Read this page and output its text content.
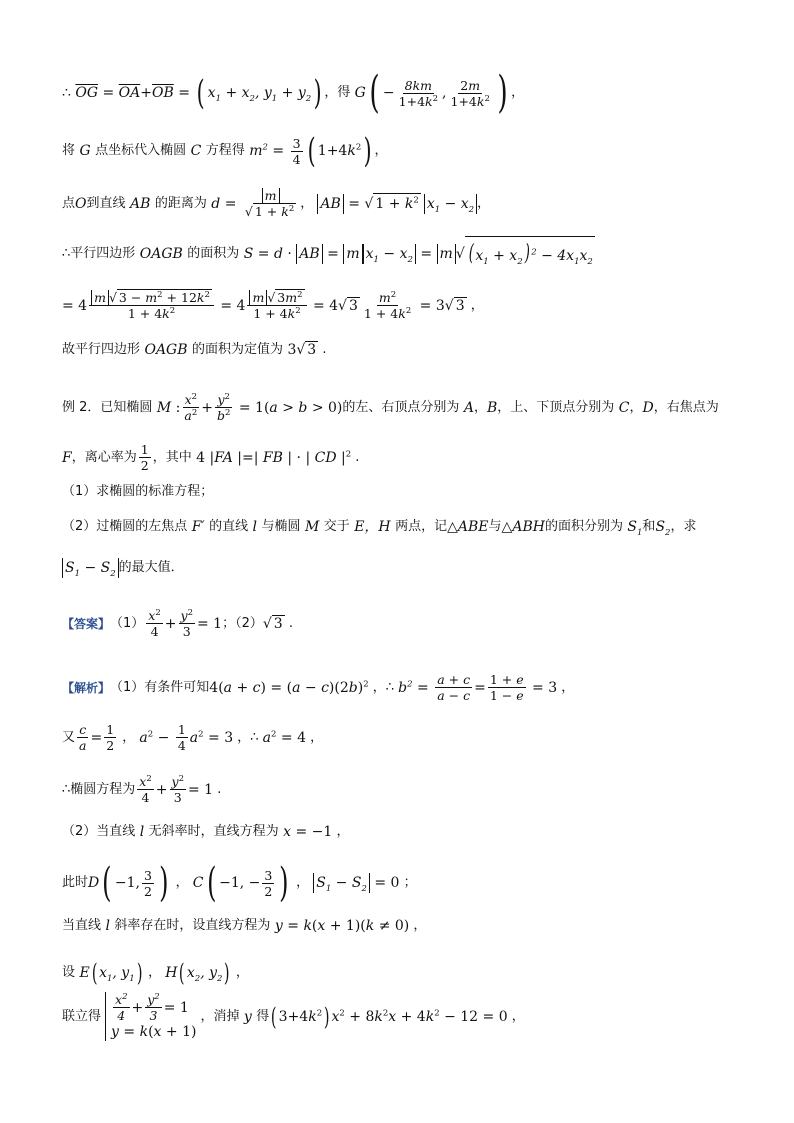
∴ $\overline{OG} = \overline{OA} + \overline{OB}$ = ( $x_1 + x_2$, $y_1 + y_2$ ) ，得 G ( − $\frac{8km}{1+4k^2}$ , $\frac{2m}{1+4k^2}$ ) ，
将 G 点坐标代入椭圆 C 方程得 $m^2 = \frac{3}{4}$ ( $1+4k^2$ ) ，
点 O 到直线 AB 的距离为 $d = \frac{m}{√ 1 + k^2}$ ， AB = √ $1 + k^2$ $x_1 - x_2$ ，
∴平行四边形 OAGB 的面积为 S = d · AB = m $x_1 - x_2 = m$ √ ( $x_1 + x_2$) $^2 - 4x_1x_2$
= $4 \frac{m √ 3 - m^2 + 12k^2}{1 + 4k^2} = 4 \frac{m √ 3m^2}{1 + 4k^2} = 4√$ $3 \frac{m^2}{1 + 4k^2} = 3√$ 3 ，
故平行四边形 OAGB 的面积为定值为 3√ 3 .
例 2．已知椭圆 M : $\frac{x^2}{a^2} + \frac{y^2}{b^2} = 1(a > b > 0)$ 的左、右顶点分别为 A ， B ，上、下顶点分别为 C ， D ，右焦点为
F ，离心率为 $\frac{1}{2}$ ，其中 4 |FA |=| FB | · | CD $|^2$ .
（1）求椭圆的标准方程；
（2）过椭圆的左焦点 F′ 的直线 l 与椭圆 M 交于 E，H 两点，记 △ABE 与 △ABH 的面积分别为 $S_1$ 和 $S_2$ ，求
$S_1 - S_2$ 的最大值．
【答案】 $(1) \frac{x^2}{4} + \frac{y^2}{3} = 1$ ；（2） √ 3 .
【解析】 （1）有条件可知 $4(a + c) = (a - c)(2b)^2$ ，∴ $b^2 = \frac{a + c}{a - c} = \frac{1 + e}{1 - e} = 3$ ，
又 $\frac{c}{a} = \frac{1}{2}$ ， $a^2 - \frac{1}{4} a^2 = 3$ ，∴ $a^2 = 4$ ，
∴椭圆方程为 $\frac{x^2}{4} + \frac{y^2}{3} = 1$ .
（2）当直线 l 无斜率时，直线方程为 x = −1 ，
此时 D ( −1, $\frac{3}{2}$ ) ， C ( −1, − $\frac{3}{2}$ ) ， $S_1 - S_2 = 0$ ；
当直线 l 斜率存在时，设直线方程为 y = k(x + 1)(k ≠ 0) ，
设 E ( $x_1$, $y_1$ ) ， H ( $x_2$, $y_2$ ) ，
联立得 $\frac{x^2}{4} + \frac{y^2}{3} = 1$
y = k(x + 1)
，消掉 y 得 ( $3+4k^2$ ) $x^2 + 8k^2x + 4k^2 - 12 = 0$ ，
